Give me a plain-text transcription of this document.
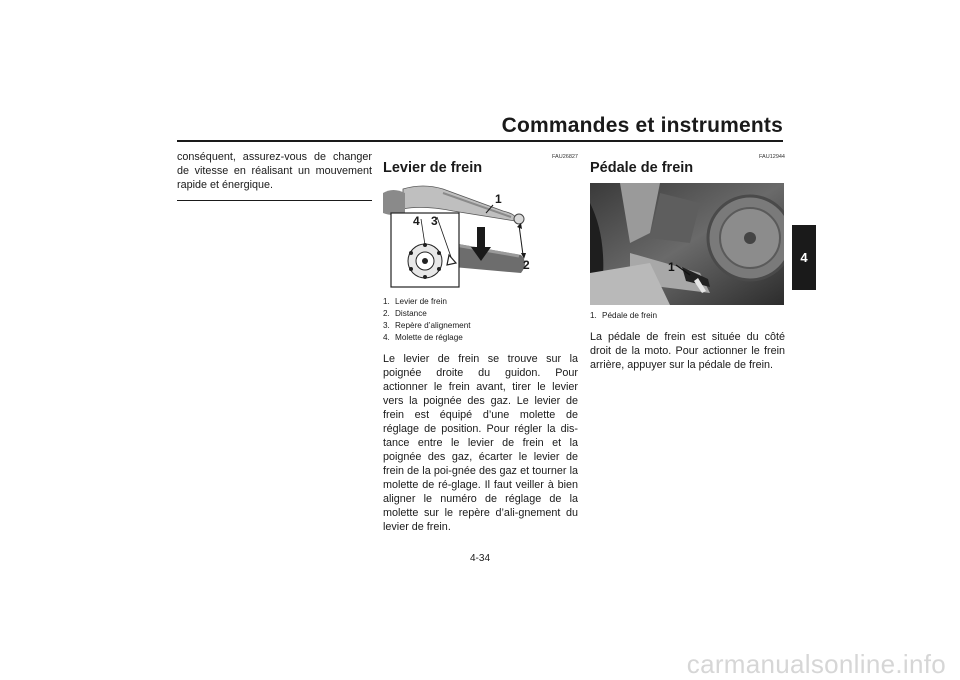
Commandes et instruments
4

conséquent, assurez-vous de changer de vitesse en réalisant un mouvement rapide et énergique.

FAU26827
Levier de frein
1
2
3
4
1. Levier de frein
2. Distance
3. Repère d’alignement
4. Molette de réglage

Le levier de frein se trouve sur la poignée droite du guidon. Pour actionner le frein avant, tirer le levier vers la poignée des gaz. Le levier de frein est équipé d’une molette de réglage de position. Pour régler la dis-tance entre le levier de frein et la poignée des gaz, écarter le levier de frein de la poi-gnée des gaz et tourner la molette de ré-glage. Il faut veiller à bien aligner le numéro de réglage de la molette sur le repère d’ali-gnement du levier de frein.

FAU12944
Pédale de frein
1
1. Pédale de frein

La pédale de frein est située du côté droit de la moto. Pour actionner le frein arrière, appuyer sur la pédale de frein.

4-34
carmanualsonline.info
